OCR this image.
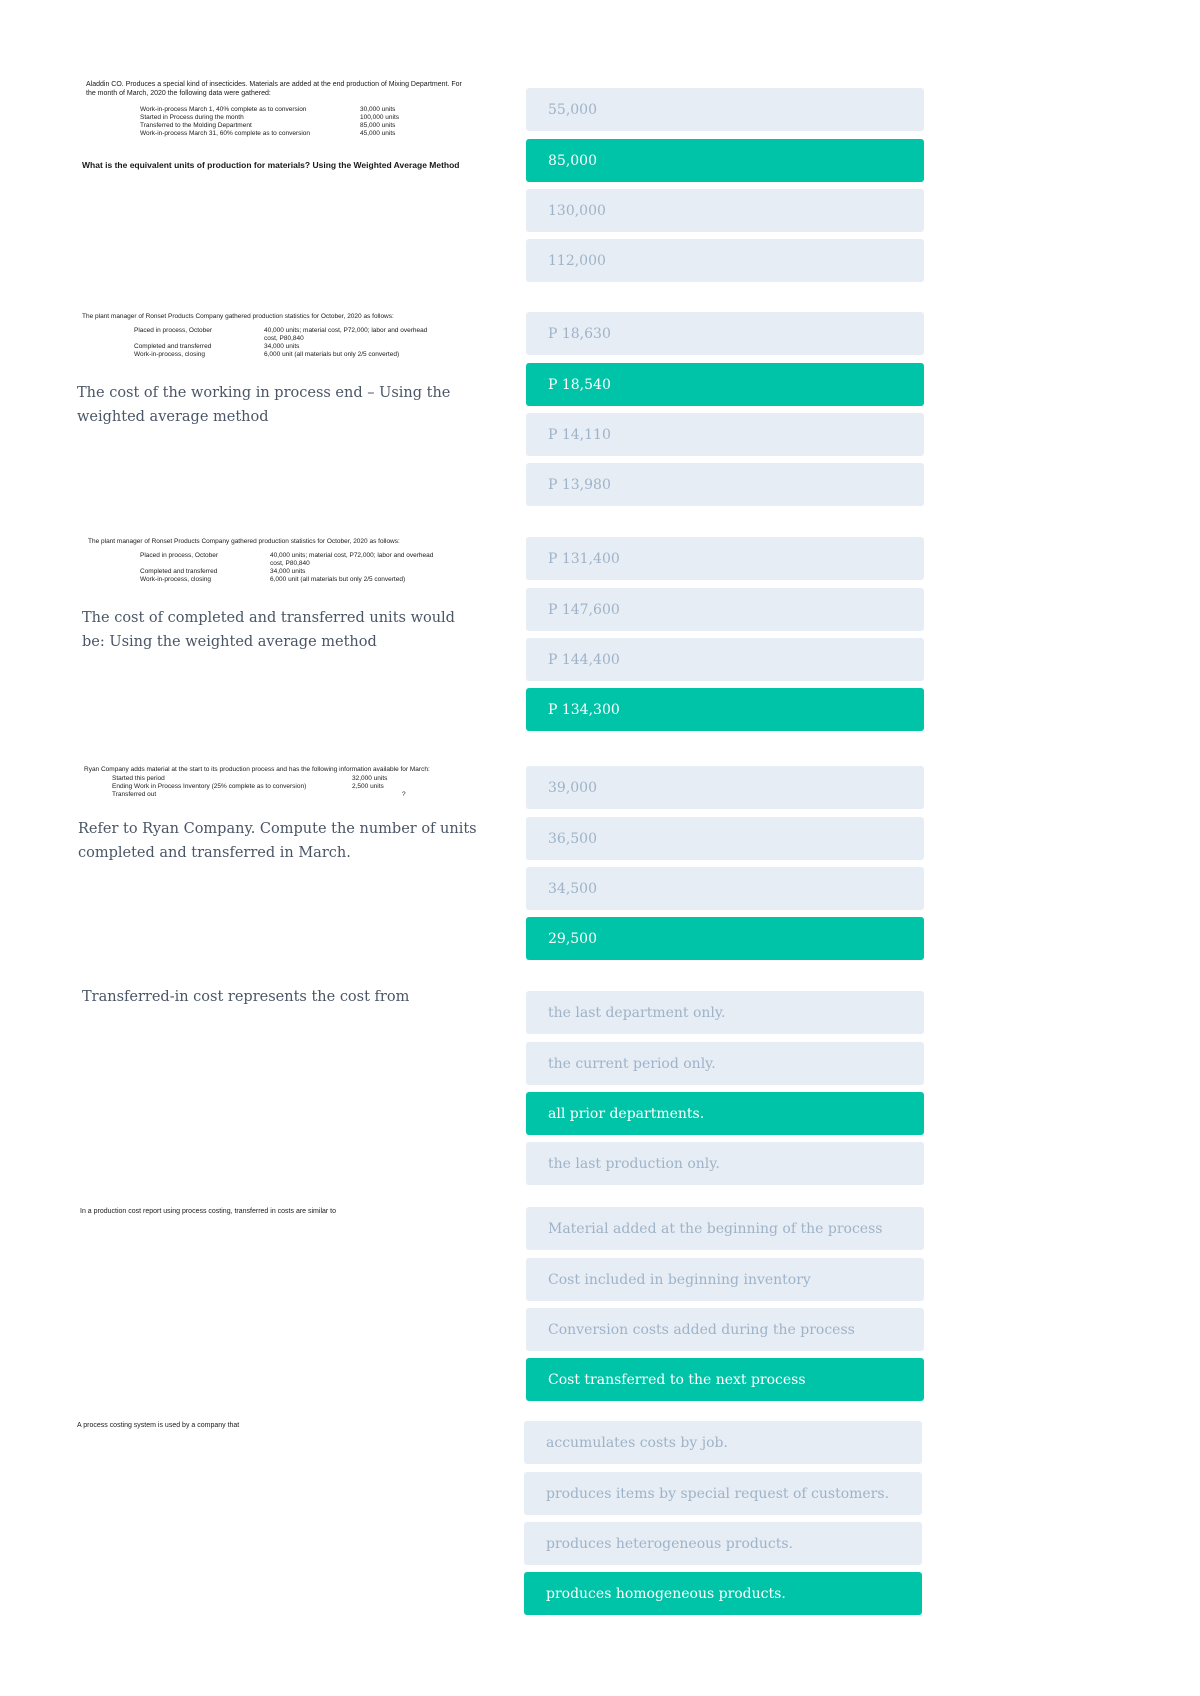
Aladdin CO. Produces a special kind of insecticides. Materials are added at the end production of Mixing Department. For the month of March, 2020 the following data were gathered:
Work-in-process March 1, 40% complete as to conversion	30,000 units
Started in Process during the month	100,000 units
Transferred to the Molding Department	85,000 units
Work-in-process March 31, 60% complete as to conversion	45,000 units
What is the equivalent units of production for materials? Using the Weighted Average Method
55,000
85,000
130,000
112,000
The plant manager of Ronset Products Company gathered production statistics for October, 2020 as follows:
Placed in process, October	40,000 units; material cost, P72,000; labor and overhead cost, P80,840
Completed and transferred	34,000 units
Work-in-process, closing	6,000 unit (all materials but only 2/5 converted)
The cost of the working in process end – Using the weighted average method
P 18,630
P 18,540
P 14,110
P 13,980
The plant manager of Ronset Products Company gathered production statistics for October, 2020 as follows:
Placed in process, October	40,000 units; material cost, P72,000; labor and overhead cost, P80,840
Completed and transferred	34,000 units
Work-in-process, closing	6,000 unit (all materials but only 2/5 converted)
The cost of completed and transferred units would be: Using the weighted average method
P 131,400
P 147,600
P 144,400
P 134,300
Ryan Company adds material at the start to its production process and has the following information available for March:
Started this period	32,000 units
Ending Work in Process Inventory (25% complete as to conversion)	2,500 units
Transferred out	?
Refer to Ryan Company. Compute the number of units completed and transferred in March.
39,000
36,500
34,500
29,500
Transferred-in cost represents the cost from
the last department only.
the current period only.
all prior departments.
the last production only.
In a production cost report using process costing, transferred in costs are similar to
Material added at the beginning of the process
Cost included in beginning inventory
Conversion costs added during the process
Cost transferred to the next process
A process costing system is used by a company that
accumulates costs by job.
produces items by special request of customers.
produces heterogeneous products.
produces homogeneous products.
